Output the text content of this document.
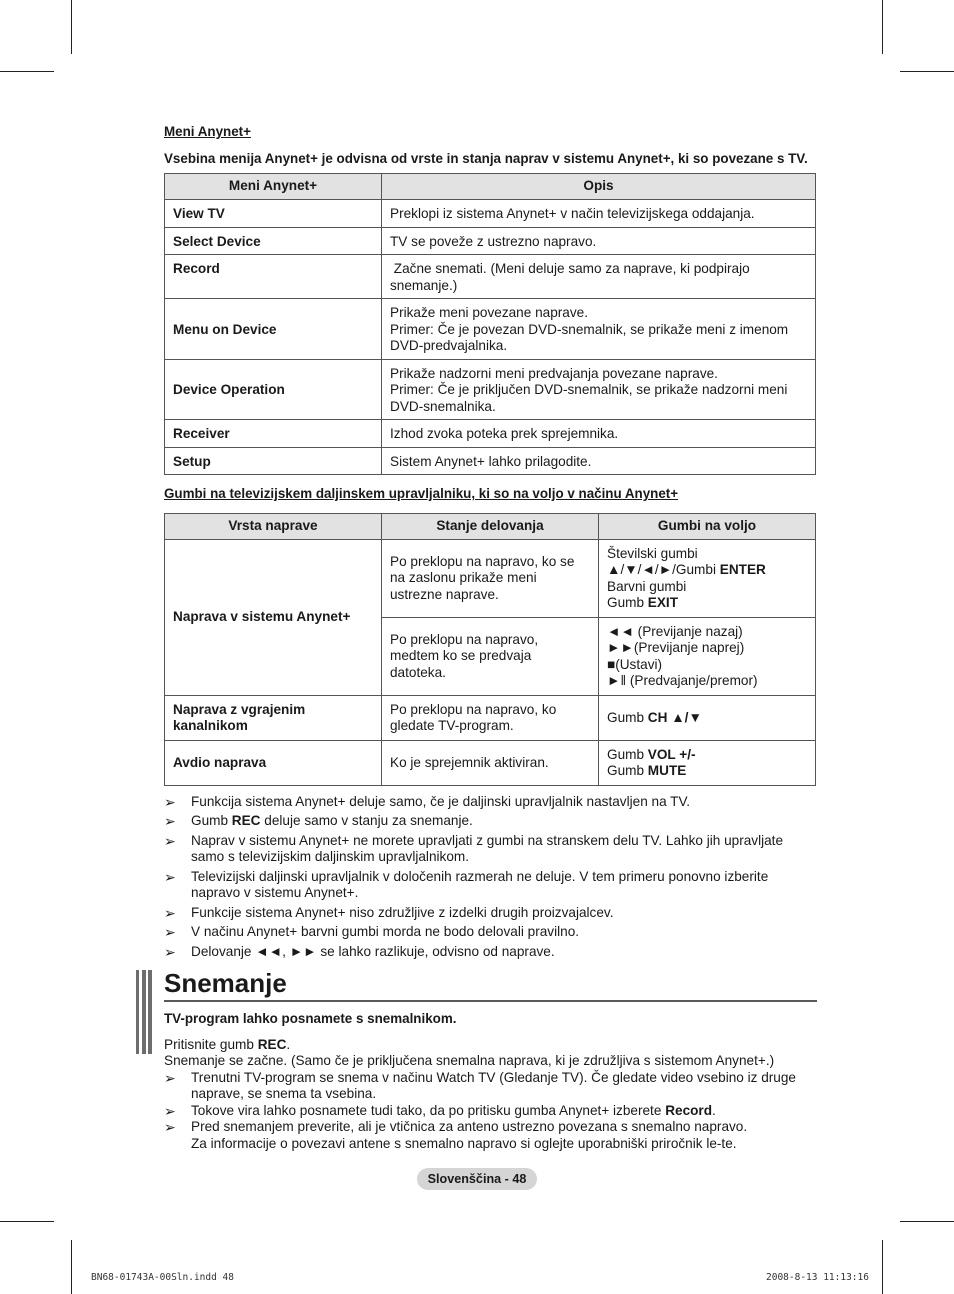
Meni Anynet+

Vsebina menija Anynet+ je odvisna od vrste in stanja naprav v sistemu Anynet+, ki so povezane s TV.

Meni Anynet+	Opis
View TV	Preklopi iz sistema Anynet+ v način televizijskega oddajanja.
Select Device	TV se poveže z ustrezno napravo.
Record	Začne snemati. (Meni deluje samo za naprave, ki podpirajo snemanje.)
Menu on Device	Prikaže meni povezane naprave.
Primer: Če je povezan DVD-snemalnik, se prikaže meni z imenom DVD-predvajalnika.

Device Operation	Prikaže nadzorni meni predvajanja povezane naprave.
Primer: Če je priključen DVD-snemalnik, se prikaže nadzorni meni DVD-snemalnika.

Receiver	Izhod zvoka poteka prek sprejemnika.
Setup	Sistem Anynet+ lahko prilagodite.

Gumbi na televizijskem daljinskem upravljalniku, ki so na voljo v načinu Anynet+

Vrsta naprave	Stanje delovanja	Gumbi na voljo
Naprava v sistemu Anynet+	Po preklopu na napravo, ko se na zaslonu prikaže meni ustrezne naprave.	Številski gumbi
▲/▼/◄/►/Gumbi ENTER
Barvni gumbi
Gumb EXIT

	Po preklopu na napravo, medtem ko se predvaja datoteka.	◄◄ (Previjanje nazaj)
►►(Previjanje naprej)
■(Ustavi)
►‖ (Predvajanje/premor)

Naprava z vgrajenim kanalnikom	Po preklopu na napravo, ko gledate TV-program.	Gumb CH ▲/▼
Avdio naprava	Ko je sprejemnik aktiviran.	Gumb VOL +/-
Gumb MUTE
➢	Funkcija sistema Anynet+ deluje samo, če je daljinski upravljalnik nastavljen na TV.
➢	Gumb REC deluje samo v stanju za snemanje.
➢	Naprav v sistemu Anynet+ ne morete upravljati z gumbi na stranskem delu TV. Lahko jih upravljate samo s televizijskim daljinskim upravljalnikom.
➢	Televizijski daljinski upravljalnik v določenih razmerah ne deluje. V tem primeru ponovno izberite napravo v sistemu Anynet+.
➢	Funkcije sistema Anynet+ niso združljive z izdelki drugih proizvajalcev.
➢	V načinu Anynet+ barvni gumbi morda ne bodo delovali pravilno.
➢	Delovanje ◄◄, ►► se lahko razlikuje, odvisno od naprave.
Snemanje

TV-program lahko posnamete s snemalnikom.

Pritisnite gumb REC.

Snemanje se začne. (Samo če je priključena snemalna naprava, ki je združljiva s sistemom Anynet+.)

➢	Trenutni TV-program se snema v načinu Watch TV (Gledanje TV). Če gledate video vsebino iz druge naprave, se snema ta vsebina.
➢	Tokove vira lahko posnamete tudi tako, da po pritisku gumba Anynet+ izberete Record.
➢	Pred snemanjem preverite, ali je vtičnica za anteno ustrezno povezana s snemalno napravo.
Za informacije o povezavi antene s snemalno napravo si oglejte uporabniški priročnik le-te.
Slovenščina - 48
BN68-01743A-00Sln.indd 48	2008-8-13 11:13:16
